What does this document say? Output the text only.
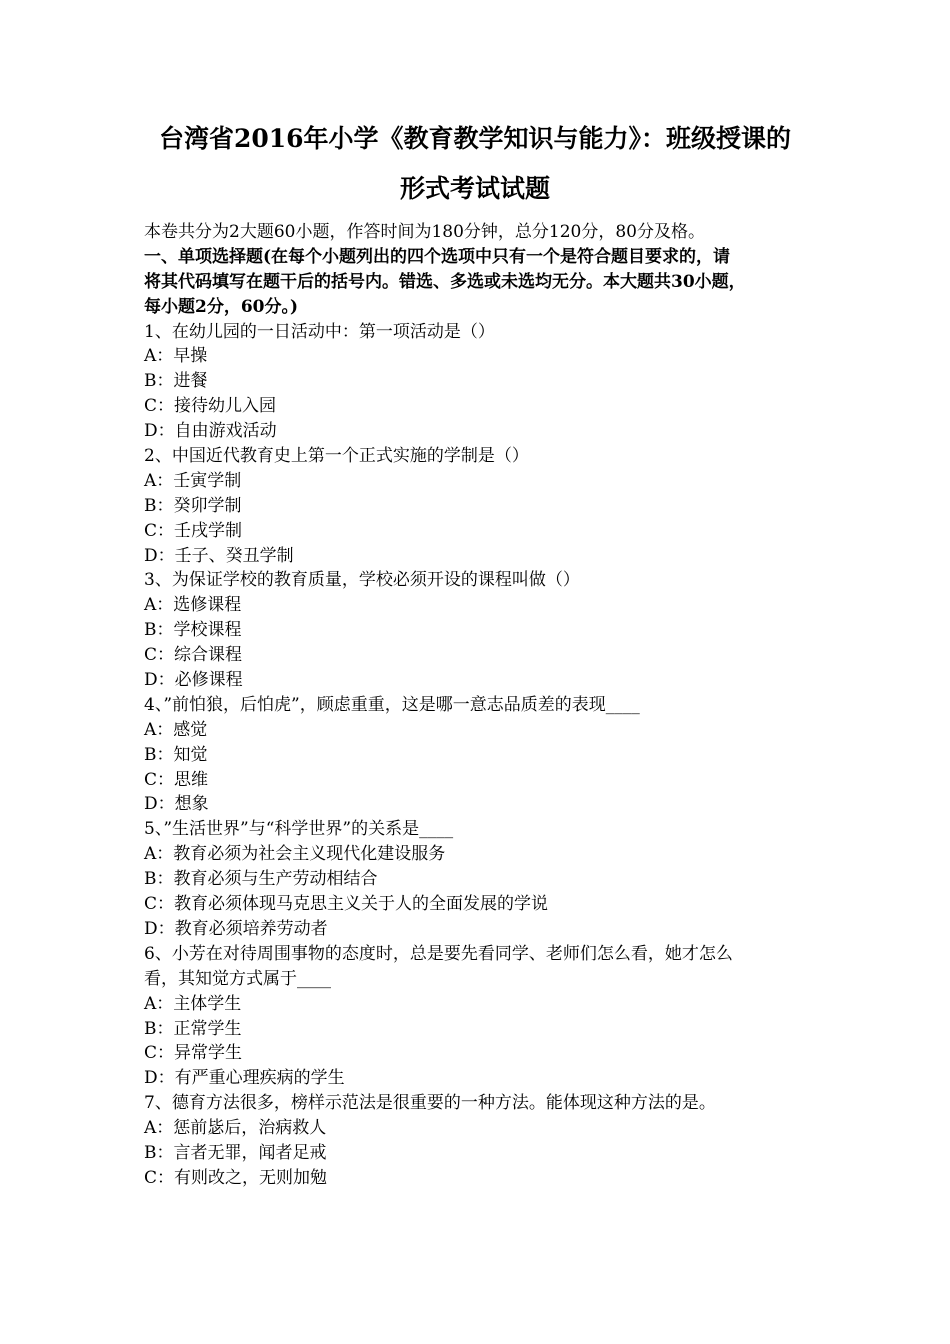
台湾省2016年小学《教育教学知识与能力》：班级授课的
形式考试试题
本卷共分为2大题60小题，作答时间为180分钟，总分120分，80分及格。
一、单项选择题(在每个小题列出的四个选项中只有一个是符合题目要求的，请
将其代码填写在题干后的括号内。错选、多选或未选均无分。本大题共30小题，
每小题2分，60分。)
1、在幼儿园的一日活动中：第一项活动是（）
A：早操
B：进餐
C：接待幼儿入园
D：自由游戏活动
2、中国近代教育史上第一个正式实施的学制是（）
A：壬寅学制
B：癸卯学制
C：壬戌学制
D：壬子、癸丑学制
3、为保证学校的教育质量，学校必须开设的课程叫做（）
A：选修课程
B：学校课程
C：综合课程
D：必修课程
4、”前怕狼，后怕虎”，顾虑重重，这是哪一意志品质差的表现____
A：感觉
B：知觉
C：思维
D：想象
5、”生活世界”与“科学世界”的关系是____
A：教育必须为社会主义现代化建设服务
B：教育必须与生产劳动相结合
C：教育必须体现马克思主义关于人的全面发展的学说
D：教育必须培养劳动者
6、小芳在对待周围事物的态度时，总是要先看同学、老师们怎么看，她才怎么
看，其知觉方式属于____
A：主体学生
B：正常学生
C：异常学生
D：有严重心理疾病的学生
7、德育方法很多，榜样示范法是很重要的一种方法。能体现这种方法的是。
A：惩前毖后，治病救人
B：言者无罪，闻者足戒
C：有则改之，无则加勉
